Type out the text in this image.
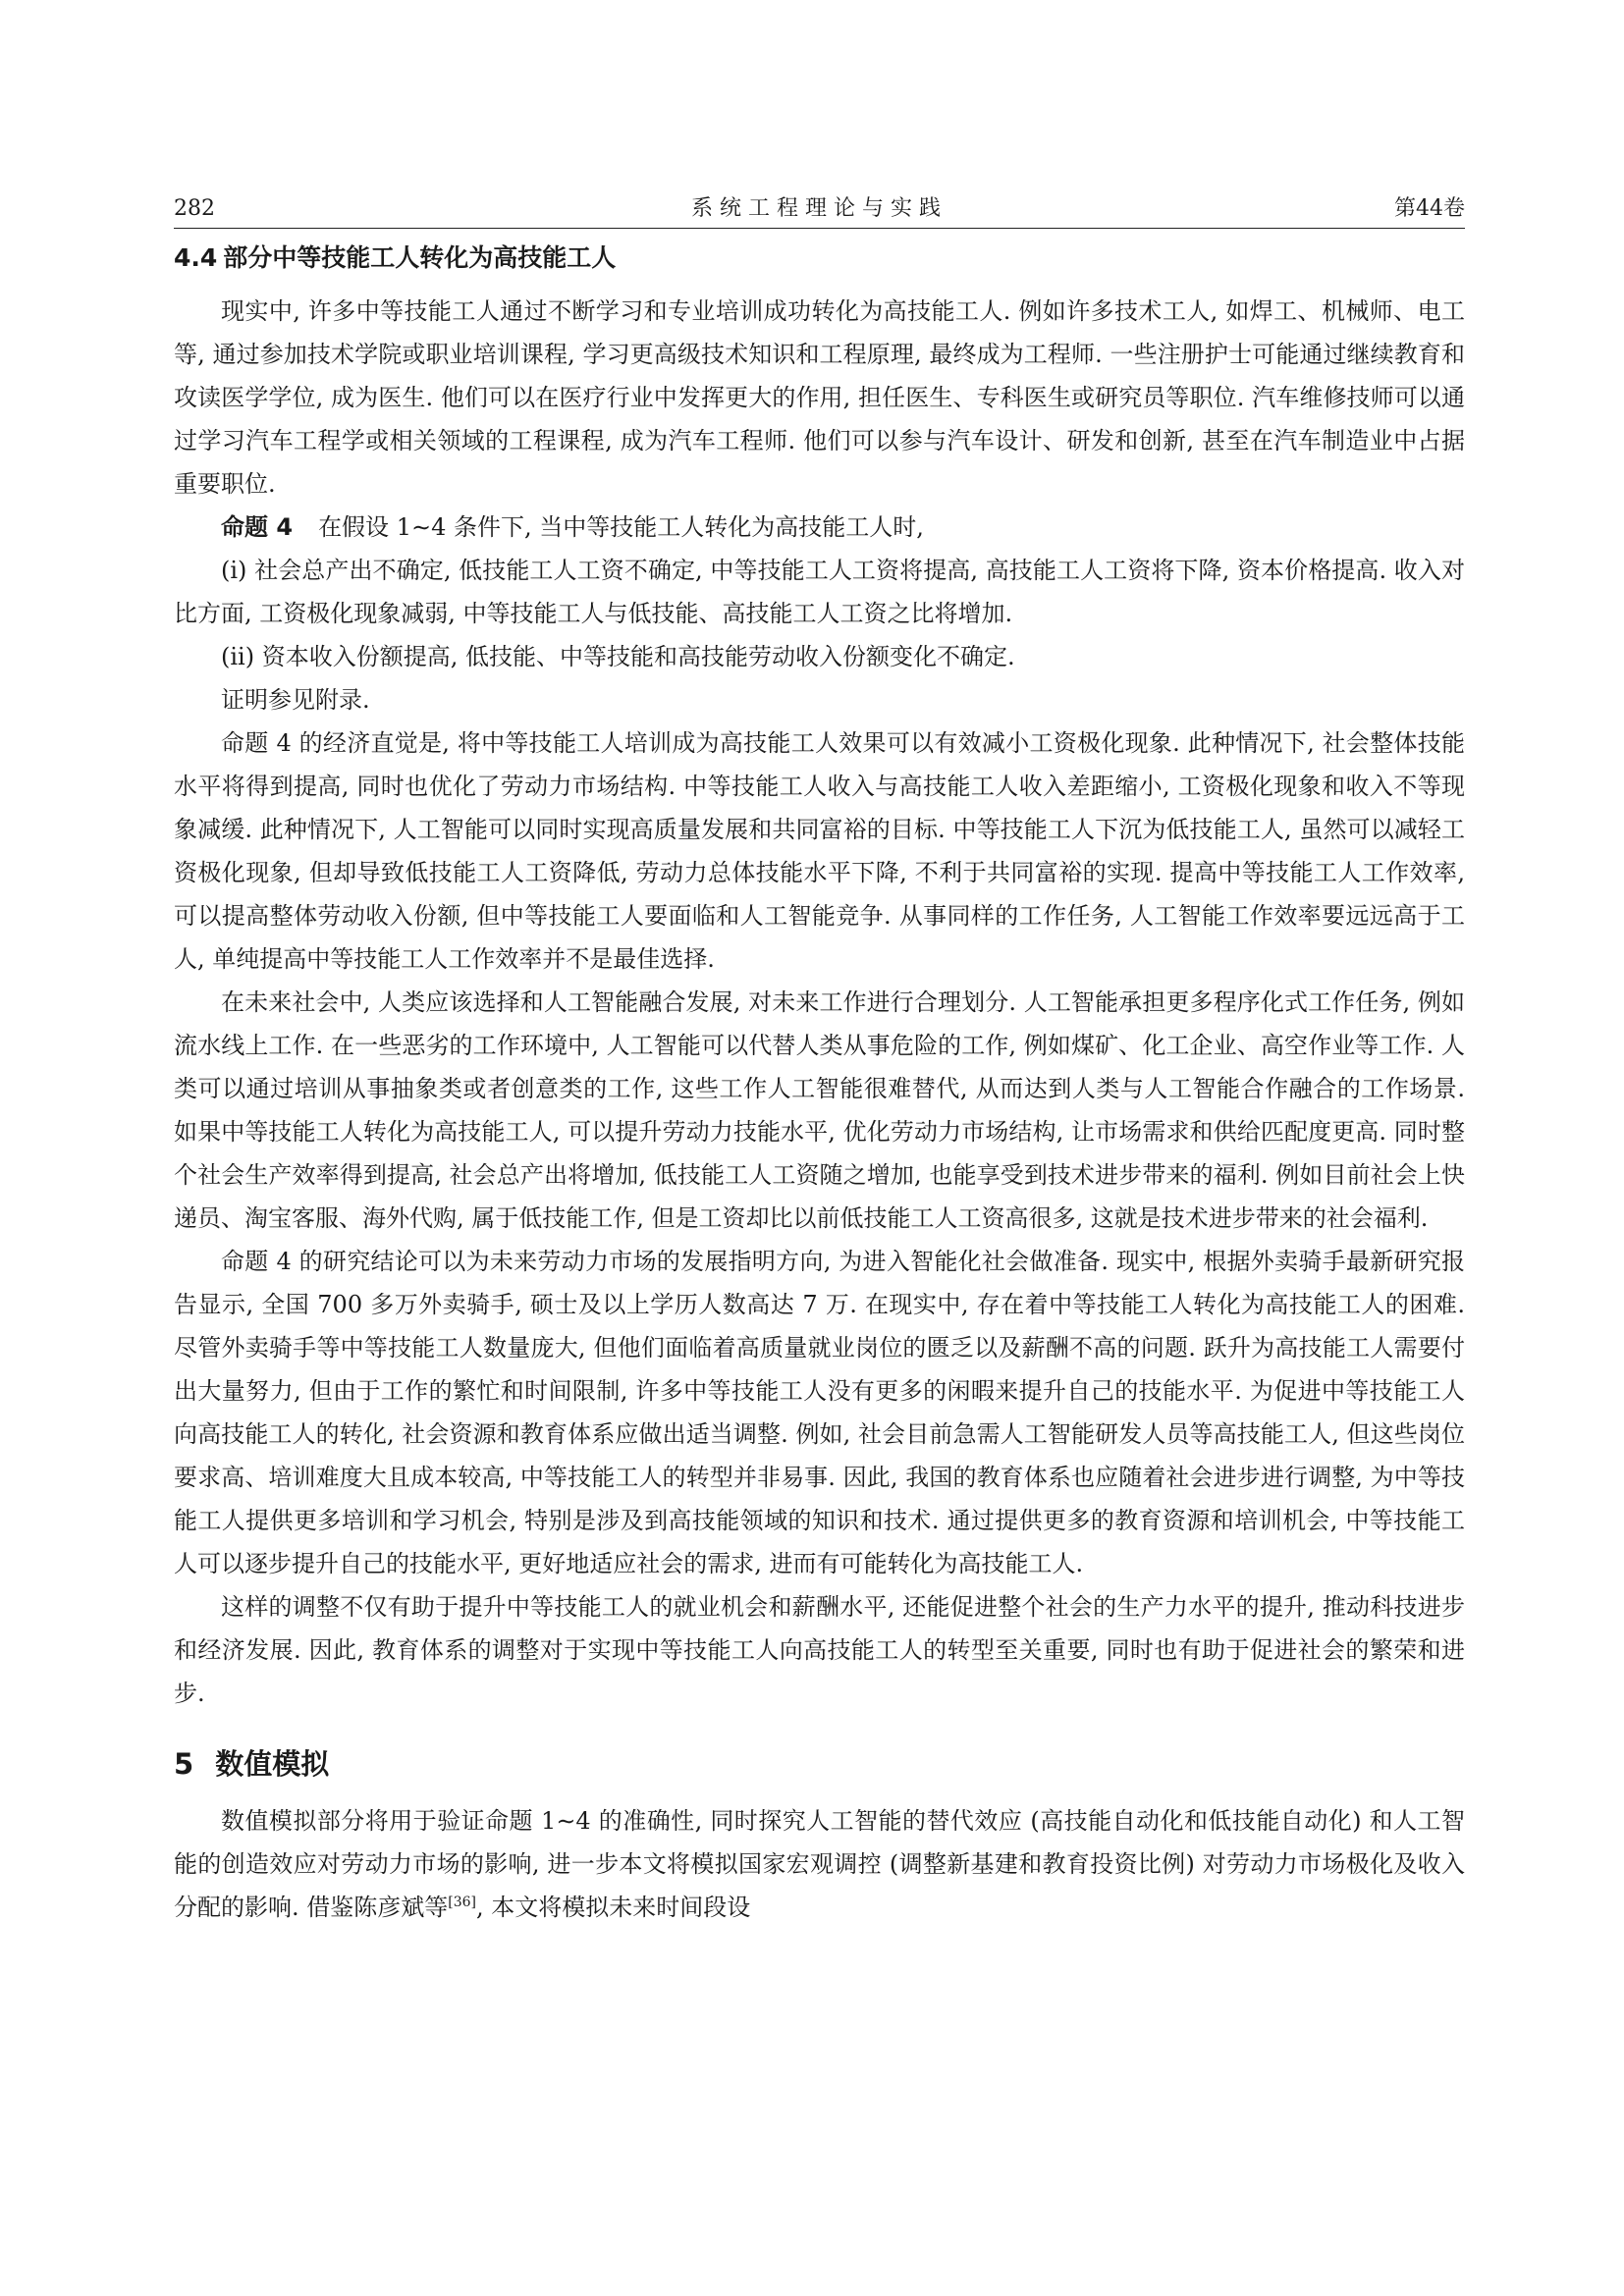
282	系统工程理论与实践	第44卷
4.4 部分中等技能工人转化为高技能工人

现实中, 许多中等技能工人通过不断学习和专业培训成功转化为高技能工人. 例如许多技术工人, 如焊工、机械师、电工等, 通过参加技术学院或职业培训课程, 学习更高级技术知识和工程原理, 最终成为工程师. 一些注册护士可能通过继续教育和攻读医学学位, 成为医生. 他们可以在医疗行业中发挥更大的作用, 担任医生、专科医生或研究员等职位. 汽车维修技师可以通过学习汽车工程学或相关领域的工程课程, 成为汽车工程师. 他们可以参与汽车设计、研发和创新, 甚至在汽车制造业中占据重要职位.

命题 4 在假设 1∼4 条件下, 当中等技能工人转化为高技能工人时,

(i) 社会总产出不确定, 低技能工人工资不确定, 中等技能工人工资将提高, 高技能工人工资将下降, 资本价格提高. 收入对比方面, 工资极化现象减弱, 中等技能工人与低技能、高技能工人工资之比将增加.

(ii) 资本收入份额提高, 低技能、中等技能和高技能劳动收入份额变化不确定.

证明参见附录.

命题 4 的经济直觉是, 将中等技能工人培训成为高技能工人效果可以有效减小工资极化现象. 此种情况下, 社会整体技能水平将得到提高, 同时也优化了劳动力市场结构. 中等技能工人收入与高技能工人收入差距缩小, 工资极化现象和收入不等现象减缓. 此种情况下, 人工智能可以同时实现高质量发展和共同富裕的目标. 中等技能工人下沉为低技能工人, 虽然可以减轻工资极化现象, 但却导致低技能工人工资降低, 劳动力总体技能水平下降, 不利于共同富裕的实现. 提高中等技能工人工作效率, 可以提高整体劳动收入份额, 但中等技能工人要面临和人工智能竞争. 从事同样的工作任务, 人工智能工作效率要远远高于工人, 单纯提高中等技能工人工作效率并不是最佳选择.

在未来社会中, 人类应该选择和人工智能融合发展, 对未来工作进行合理划分. 人工智能承担更多程序化式工作任务, 例如流水线上工作. 在一些恶劣的工作环境中, 人工智能可以代替人类从事危险的工作, 例如煤矿、化工企业、高空作业等工作. 人类可以通过培训从事抽象类或者创意类的工作, 这些工作人工智能很难替代, 从而达到人类与人工智能合作融合的工作场景. 如果中等技能工人转化为高技能工人, 可以提升劳动力技能水平, 优化劳动力市场结构, 让市场需求和供给匹配度更高. 同时整个社会生产效率得到提高, 社会总产出将增加, 低技能工人工资随之增加, 也能享受到技术进步带来的福利. 例如目前社会上快递员、淘宝客服、海外代购, 属于低技能工作, 但是工资却比以前低技能工人工资高很多, 这就是技术进步带来的社会福利.

命题 4 的研究结论可以为未来劳动力市场的发展指明方向, 为进入智能化社会做准备. 现实中, 根据外卖骑手最新研究报告显示, 全国 700 多万外卖骑手, 硕士及以上学历人数高达 7 万. 在现实中, 存在着中等技能工人转化为高技能工人的困难. 尽管外卖骑手等中等技能工人数量庞大, 但他们面临着高质量就业岗位的匮乏以及薪酬不高的问题. 跃升为高技能工人需要付出大量努力, 但由于工作的繁忙和时间限制, 许多中等技能工人没有更多的闲暇来提升自己的技能水平. 为促进中等技能工人向高技能工人的转化, 社会资源和教育体系应做出适当调整. 例如, 社会目前急需人工智能研发人员等高技能工人, 但这些岗位要求高、培训难度大且成本较高, 中等技能工人的转型并非易事. 因此, 我国的教育体系也应随着社会进步进行调整, 为中等技能工人提供更多培训和学习机会, 特别是涉及到高技能领域的知识和技术. 通过提供更多的教育资源和培训机会, 中等技能工人可以逐步提升自己的技能水平, 更好地适应社会的需求, 进而有可能转化为高技能工人.

这样的调整不仅有助于提升中等技能工人的就业机会和薪酬水平, 还能促进整个社会的生产力水平的提升, 推动科技进步和经济发展. 因此, 教育体系的调整对于实现中等技能工人向高技能工人的转型至关重要, 同时也有助于促进社会的繁荣和进步.

5 数值模拟

数值模拟部分将用于验证命题 1∼4 的准确性, 同时探究人工智能的替代效应 (高技能自动化和低技能自动化) 和人工智能的创造效应对劳动力市场的影响, 进一步本文将模拟国家宏观调控 (调整新基建和教育投资比例) 对劳动力市场极化及收入分配的影响. 借鉴陈彦斌等[36], 本文将模拟未来时间段设
